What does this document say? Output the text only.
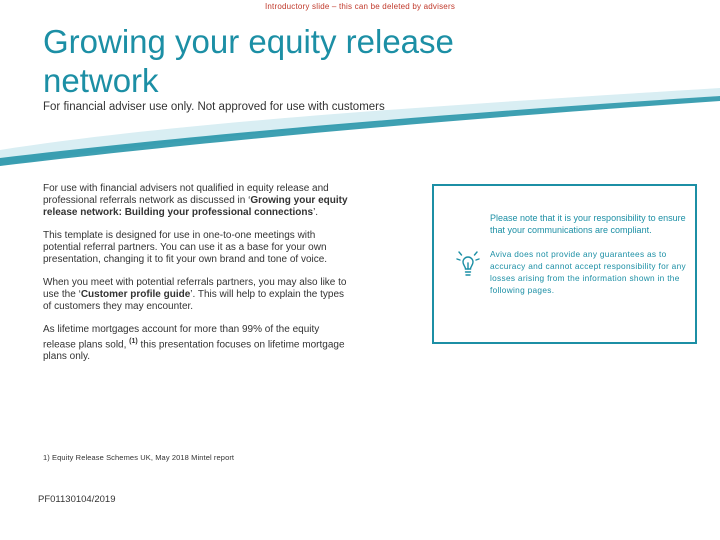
Introductory slide – this can be deleted by advisers
Growing your equity release network
For financial adviser use only. Not approved for use with customers

For use with financial advisers not qualified in equity release and professional referrals network as discussed in ‘Growing your equity release network: Building your professional connections’.

This template is designed for use in one-to-one meetings with potential referral partners. You can use it as a base for your own presentation, changing it to fit your own brand and tone of voice.

When you meet with potential referrals partners, you may also like to use the ‘Customer profile guide’. This will help to explain the types of customers they may encounter.

As lifetime mortgages account for more than 99% of the equity release plans sold, $^{(1)}$ this presentation focuses on lifetime mortgage plans only.

1) Equity Release Schemes UK, May 2018 Mintel report
PF01130104/2019

Please note that it is your responsibility to ensure that your communications are compliant.

Aviva does not provide any guarantees as to accuracy and cannot accept responsibility for any losses arising from the information shown in the following pages.
